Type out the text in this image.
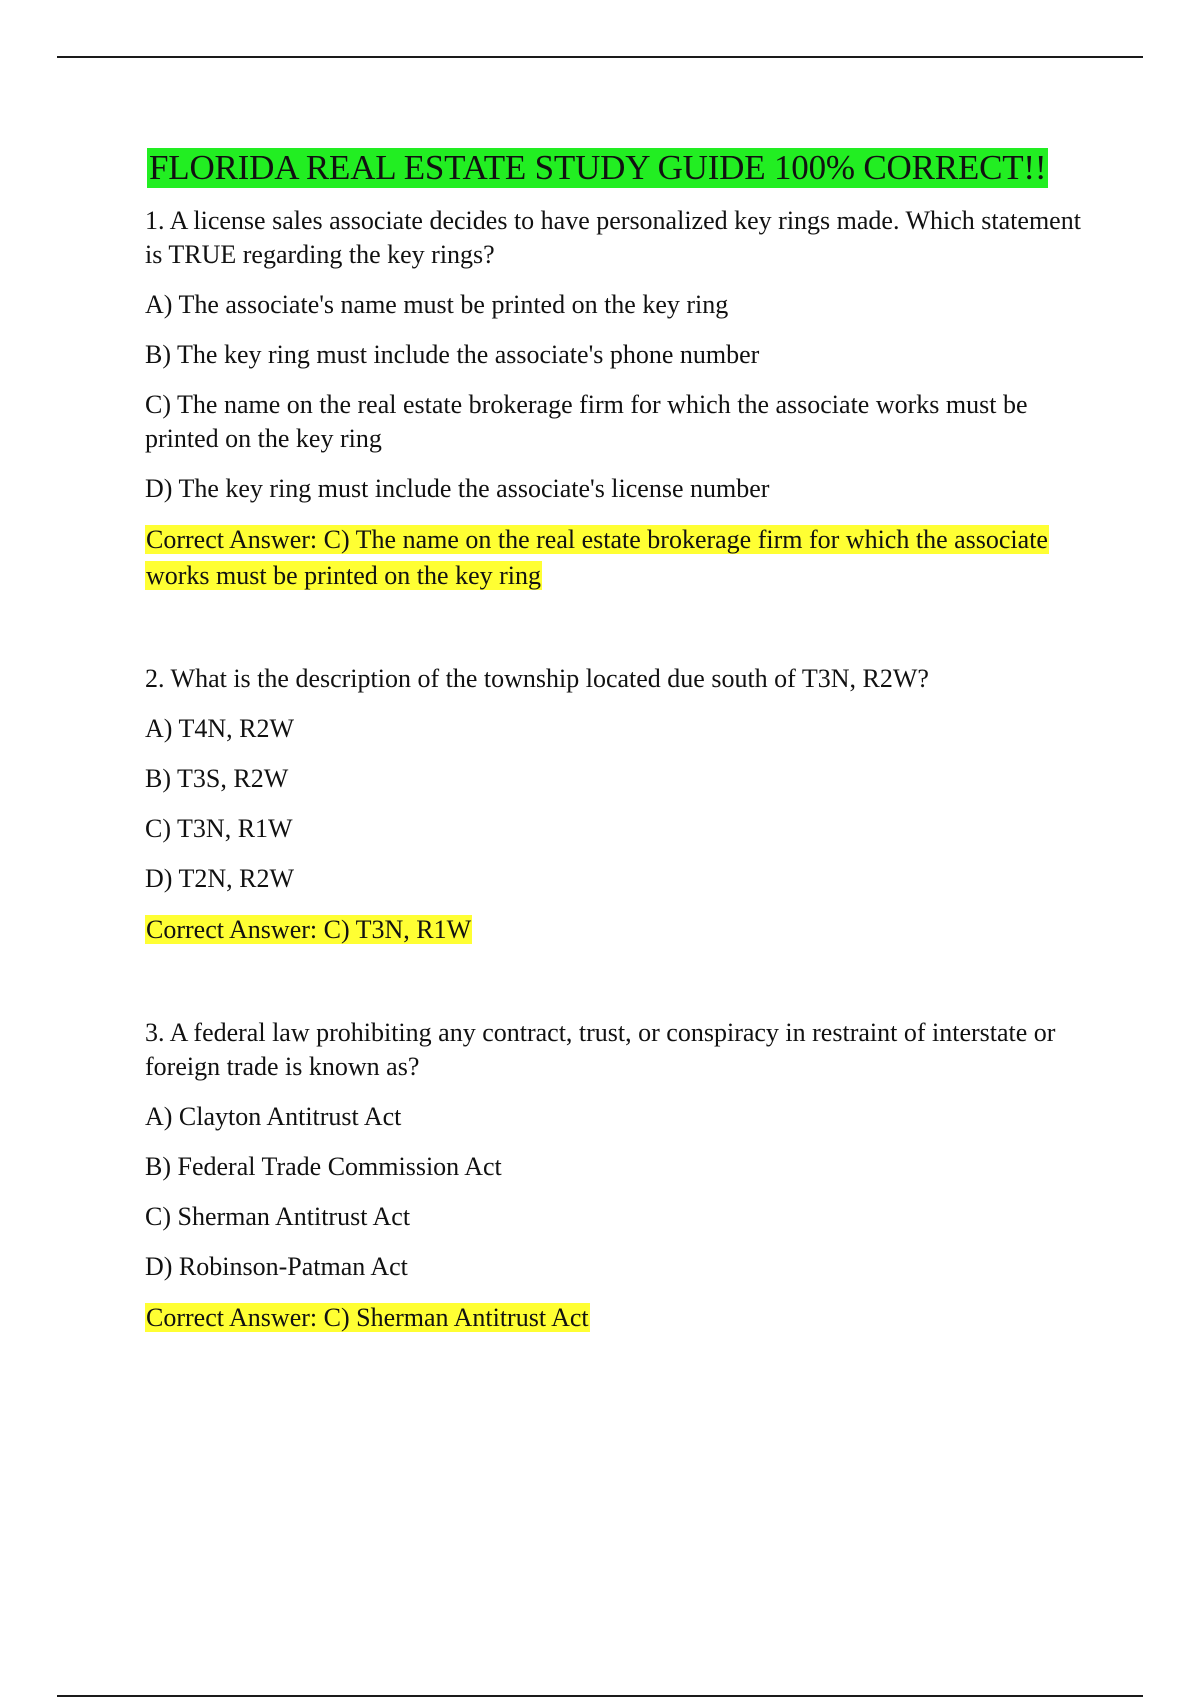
FLORIDA REAL ESTATE STUDY GUIDE 100% CORRECT!!

1. A license sales associate decides to have personalized key rings made. Which statement is TRUE regarding the key rings?

A) The associate's name must be printed on the key ring

B) The key ring must include the associate's phone number

C) The name on the real estate brokerage firm for which the associate works must be printed on the key ring

D) The key ring must include the associate's license number

Correct Answer: C) The name on the real estate brokerage firm for which the associate works must be printed on the key ring

2. What is the description of the township located due south of T3N, R2W?

A) T4N, R2W

B) T3S, R2W

C) T3N, R1W

D) T2N, R2W

Correct Answer: C) T3N, R1W

3. A federal law prohibiting any contract, trust, or conspiracy in restraint of interstate or foreign trade is known as?

A) Clayton Antitrust Act

B) Federal Trade Commission Act

C) Sherman Antitrust Act

D) Robinson-Patman Act

Correct Answer: C) Sherman Antitrust Act
